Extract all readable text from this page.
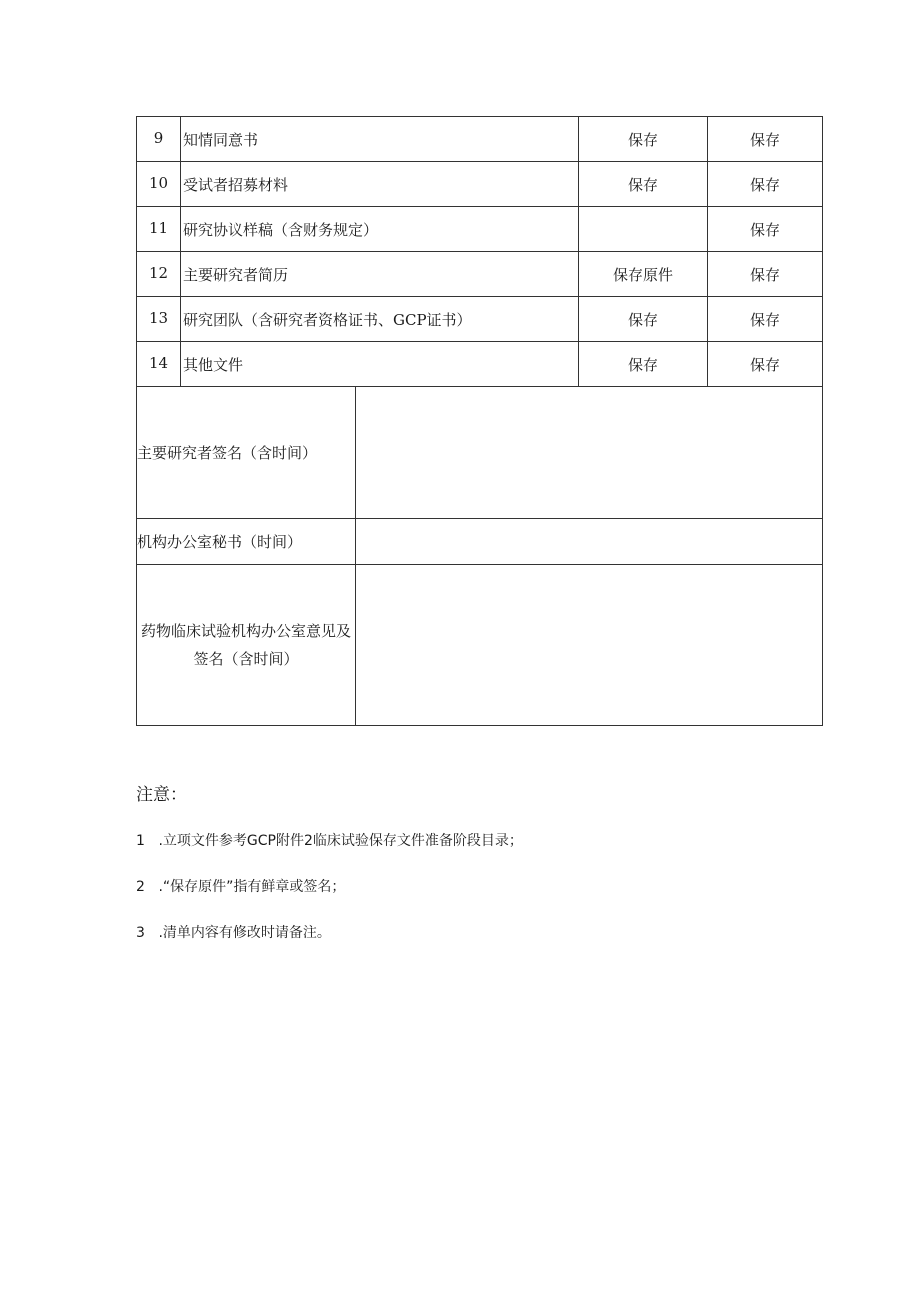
9	知情同意书		保存	保存
10	受试者招募材料		保存	保存
11	研究协议样稿（含财务规定）			保存
12	主要研究者简历		保存原件	保存
13	研究团队（含研究者资格证书、GCP证书）		保存	保存
14	其他文件		保存	保存
主要研究者签名（含时间）				
机构办公室秘书（时间）				

药物临床试验机构办公室意见及
签名（含时间）				

注意：
1 .立项文件参考GCP附件2临床试验保存文件准备阶段目录；
2 .“保存原件”指有鲜章或签名；
3 .清单内容有修改时请备注。
